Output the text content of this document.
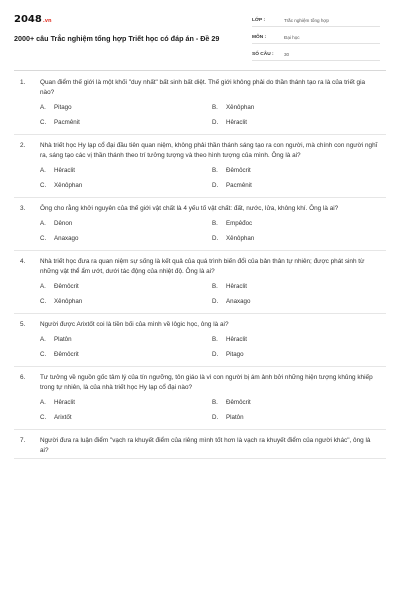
2048.vn
2000+ câu Trắc nghiệm tổng hợp Triết học có đáp án - Đề 29
LỚP :	Trắc nghiệm tổng hợp
MÔN :	Đại học
SỐ CÂU :	30
1.	Quan điểm thế giới là một khối "duy nhất" bất sinh bất diệt. Thế giới không phải do thần thánh tạo ra là của triết gia nào?
A.	Pitago	B.	Xênôphan
C.	Pacmênit	D.	Hêraclit
2.	Nhà triết học Hy lạp cổ đại đầu tiên quan niệm, không phải thần thánh sáng tạo ra con người, mà chính con người nghĩ ra, sáng tạo các vị thần thánh theo trí tưởng tượng và theo hình tượng của mình. Ông là ai?
A.	Hêraclit	B.	Đêmôcrit
C.	Xênôphan	D.	Pacmênit
3.	Ông cho rằng khởi nguyên của thế giới vật chất là 4 yếu tố vật chất: đất, nước, lửa, không khí. Ông là ai?
A.	Dênon	B.	Empêđoc
C.	Anaxago	D.	Xênôphan
4.	Nhà triết học đưa ra quan niệm sự sống là kết quả của quá trình biến đổi của bản thân tự nhiên; được phát sinh từ những vật thể ẩm ướt, dưới tác động của nhiệt độ. Ông là ai?
A.	Đêmôcrit	B.	Hêraclit
C.	Xênôphan	D.	Anaxago
5.	Người được Arixtốt coi là tiền bối của mình về lôgic học, ông là ai?
A.	Platôn	B.	Hêraclit
C.	Đêmôcrit	D.	Pitago
6.	Tư tưởng về nguồn gốc tâm lý của tín ngưỡng, tôn giáo là vì con người bị ám ảnh bởi những hiện tượng khủng khiếp trong tự nhiên, là của nhà triết học Hy lạp cổ đại nào?
A.	Hêraclit	B.	Đêmôcrit
C.	Arixtốt	D.	Platôn
7.	Người đưa ra luận điểm "vạch ra khuyết điểm của riêng mình tốt hơn là vạch ra khuyết điểm của người khác", ông là ai?
